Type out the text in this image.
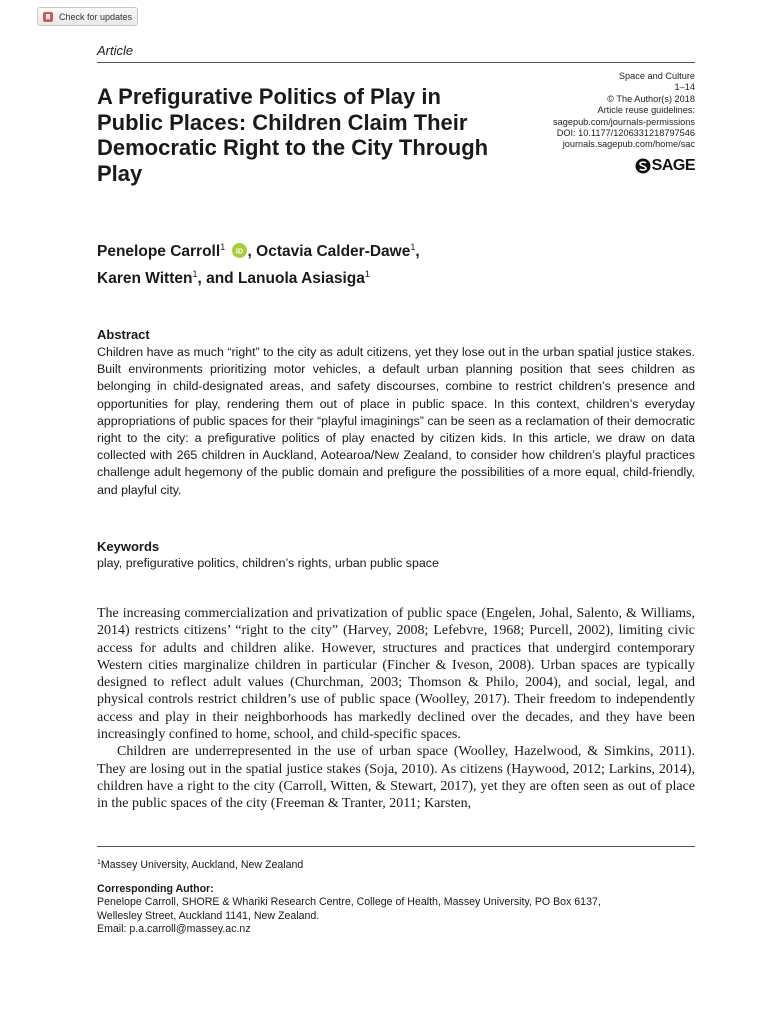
Check for updates
Article
A Prefigurative Politics of Play in Public Places: Children Claim Their Democratic Right to the City Through Play
Space and Culture
1–14
© The Author(s) 2018
Article reuse guidelines:
sagepub.com/journals-permissions
DOI: 10.1177/1206331218797546
journals.sagepub.com/home/sac
SAGE
Penelope Carroll$^1$ iD , Octavia Calder-Dawe$^1$,
Karen Witten$^1$, and Lanuola Asiasiga$^1$
Abstract

Children have as much “right” to the city as adult citizens, yet they lose out in the urban spatial justice stakes. Built environments prioritizing motor vehicles, a default urban planning position that sees children as belonging in child-designated areas, and safety discourses, combine to restrict children’s presence and opportunities for play, rendering them out of place in public space. In this context, children’s everyday appropriations of public spaces for their “playful imaginings” can be seen as a reclamation of their democratic right to the city: a prefigurative politics of play enacted by citizen kids. In this article, we draw on data collected with 265 children in Auckland, Aotearoa/New Zealand, to consider how children’s playful practices challenge adult hegemony of the public domain and prefigure the possibilities of a more equal, child-friendly, and playful city.

Keywords
play, prefigurative politics, children’s rights, urban public space

The increasing commercialization and privatization of public space (Engelen, Johal, Salento, & Williams, 2014) restricts citizens’ “right to the city” (Harvey, 2008; Lefebvre, 1968; Purcell, 2002), limiting civic access for adults and children alike. However, structures and practices that undergird contemporary Western cities marginalize children in particular (Fincher & Iveson, 2008). Urban spaces are typically designed to reflect adult values (Churchman, 2003; Thomson & Philo, 2004), and social, legal, and physical controls restrict children’s use of public space (Woolley, 2017). Their freedom to independently access and play in their neighborhoods has markedly declined over the decades, and they have been increasingly confined to home, school, and child-specific spaces.

Children are underrepresented in the use of urban space (Woolley, Hazelwood, & Simkins, 2011). They are losing out in the spatial justice stakes (Soja, 2010). As citizens (Haywood, 2012; Larkins, 2014), children have a right to the city (Carroll, Witten, & Stewart, 2017), yet they are often seen as out of place in the public spaces of the city (Freeman & Tranter, 2011; Karsten,

$^1$Massey University, Auckland, New Zealand
Corresponding Author:
Penelope Carroll, SHORE & Whariki Research Centre, College of Health, Massey University, PO Box 6137,
Wellesley Street, Auckland 1141, New Zealand.
Email: p.a.carroll@massey.ac.nz
